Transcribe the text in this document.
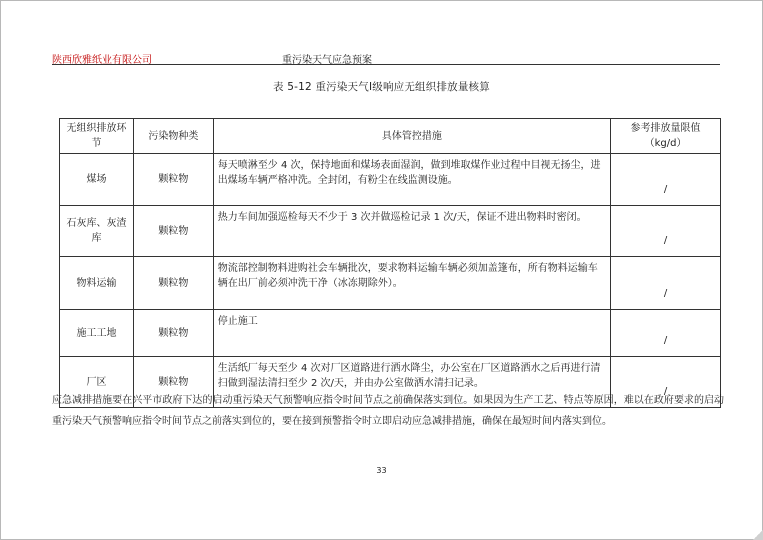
陕西欣雅纸业有限公司	重污染天气应急预案
表 5-12 重污染天气Ⅰ级响应无组织排放量核算
无组织排放环节	污染物种类	具体管控措施	参考排放量限值（kg/d）
煤场	颗粒物	每天喷淋至少 4 次，保持地面和煤场表面湿润，做到堆取煤作业过程中目视无扬尘，进出煤场车辆严格冲洗。全封闭，有粉尘在线监测设施。	/
石灰库、灰渣库	颗粒物	热力车间加强巡检每天不少于 3 次并做巡检记录 1 次/天，保证不进出物料时密闭。	/
物料运输	颗粒物	物流部控制物料进购社会车辆批次，要求物料运输车辆必须加盖篷布，所有物料运输车辆在出厂前必须冲洗干净（冰冻期除外）。	/
施工工地	颗粒物	停止施工	/
厂区	颗粒物	生活纸厂每天至少 4 次对厂区道路进行洒水降尘，办公室在厂区道路洒水之后再进行清扫做到湿法清扫至少 2 次/天，并由办公室做洒水清扫记录。	/
应急减排措施要在兴平市政府下达的启动重污染天气预警响应指令时间节点之前确保落实到位。如果因为生产工艺、特点等原因，难以在政府要求的启动重污染天气预警响应指令时间节点之前落实到位的，要在接到预警指令时立即启动应急减排措施，确保在最短时间内落实到位。
33
